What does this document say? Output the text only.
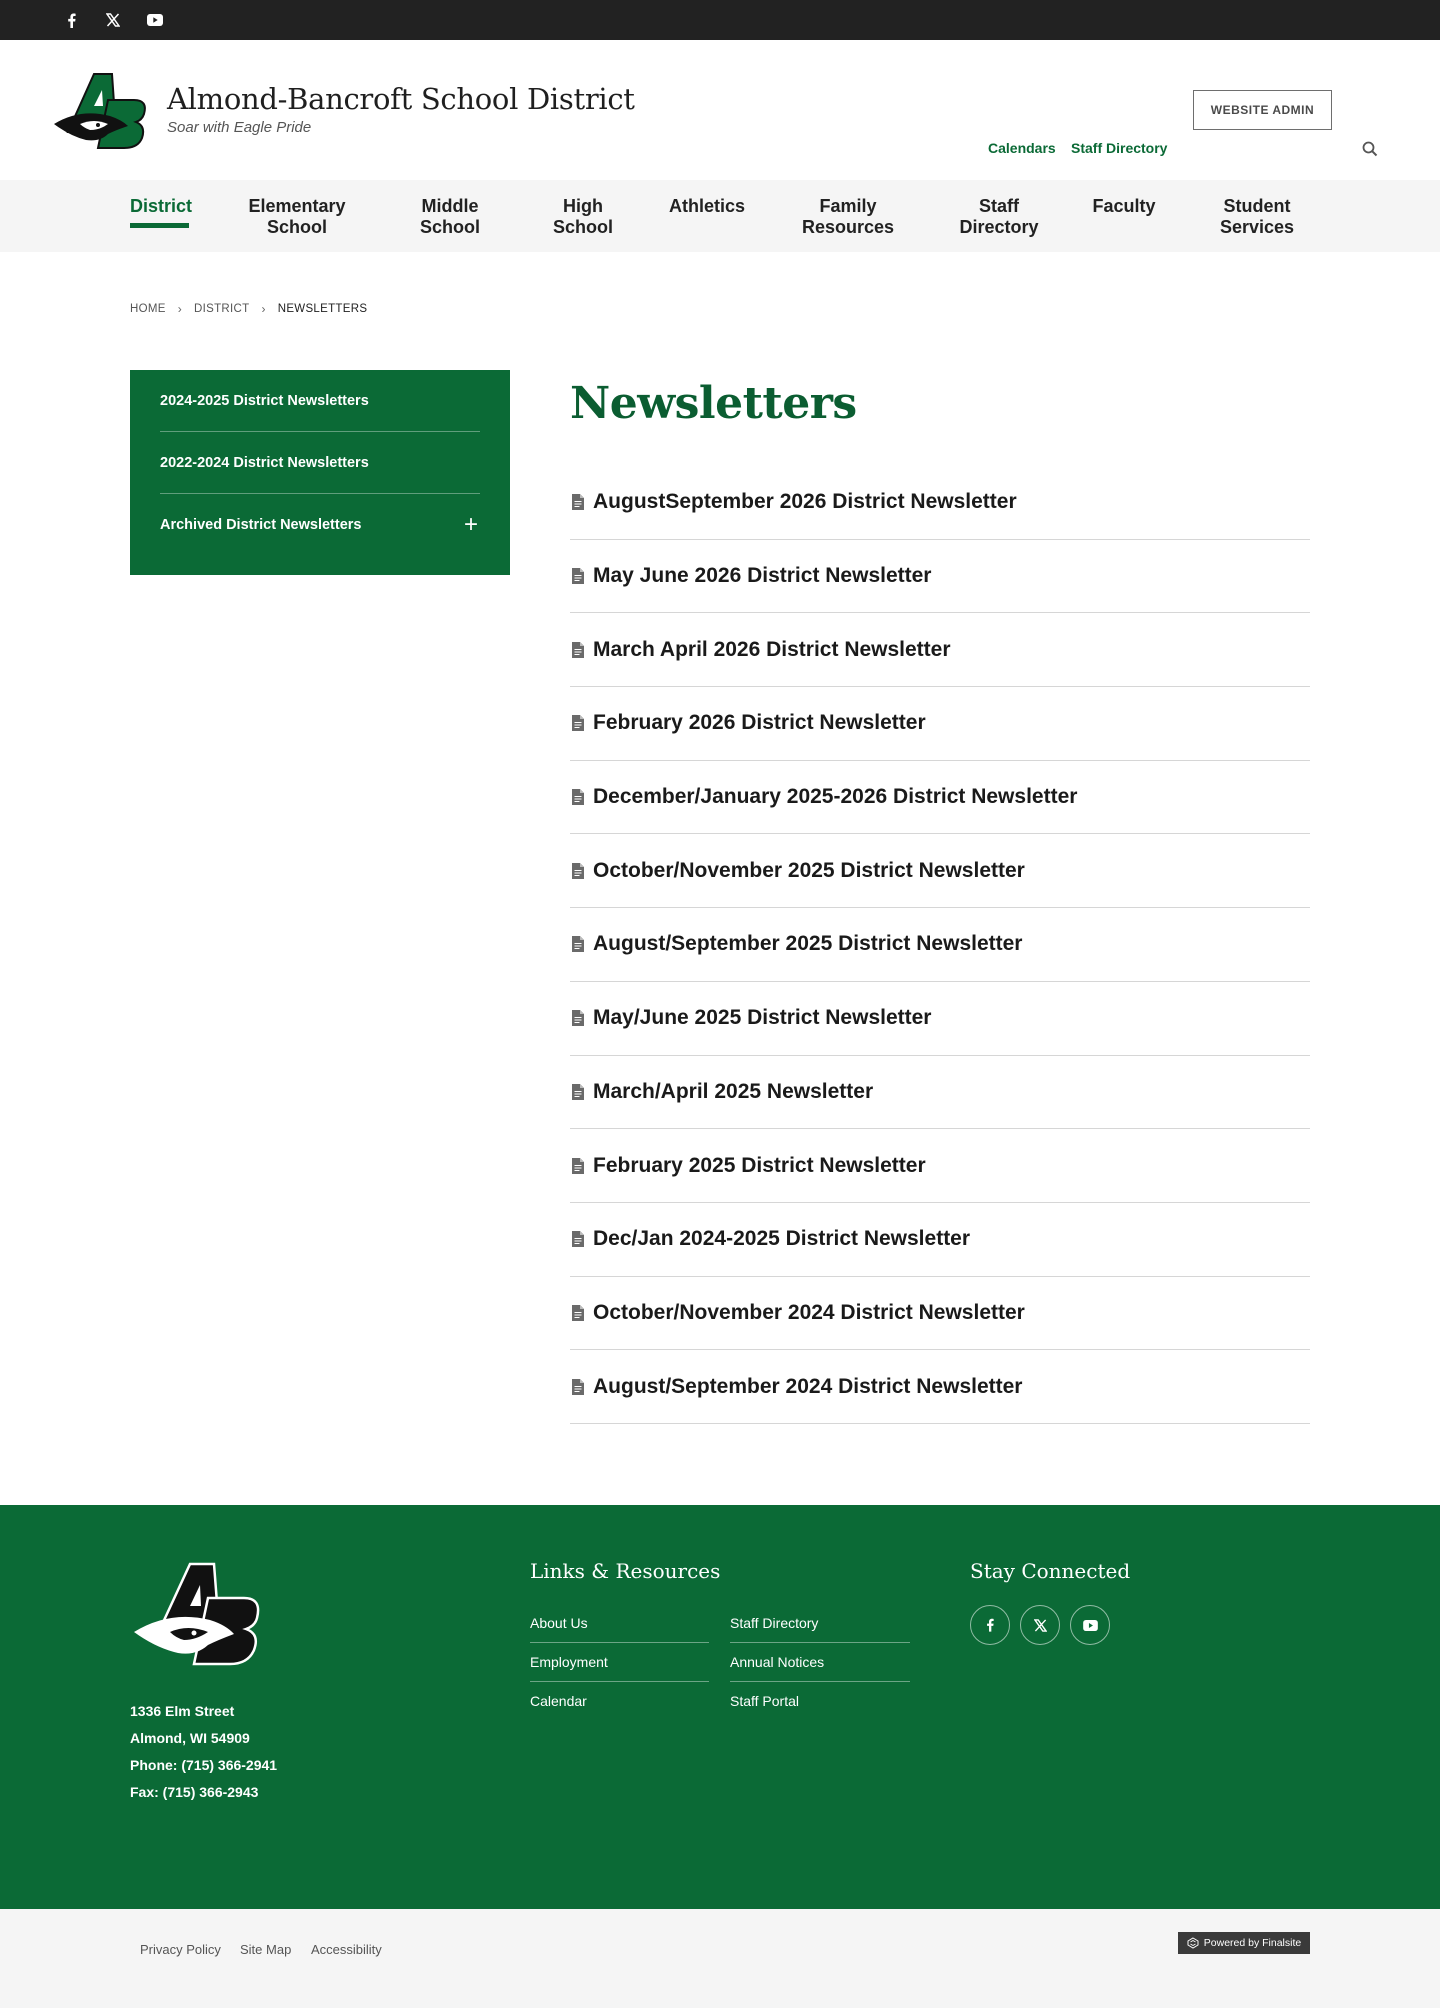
Almond-Bancroft School District
Soar with Eagle Pride
Calendars Staff Directory
WEBSITE ADMIN
District	Elementary School
Middle School
High School
Athletics	Family Resources
Staff Directory
Faculty	Student Services
HOME › DISTRICT › NEWSLETTERS
2024-2025 District Newsletters
2022-2024 District Newsletters
Archived District Newsletters	+
Newsletters
AugustSeptember 2026 District Newsletter
May June 2026 District Newsletter
March April 2026 District Newsletter
February 2026 District Newsletter
December/January 2025-2026 District Newsletter
October/November 2025 District Newsletter
August/September 2025 District Newsletter
May/June 2025 District Newsletter
March/April 2025 Newsletter
February 2025 District Newsletter
Dec/Jan 2024-2025 District Newsletter
October/November 2024 District Newsletter
August/September 2024 District Newsletter
1336 Elm Street
Almond, WI 54909
Phone: (715) 366-2941
Fax: (715) 366-2943
Links & Resources
About Us
Employment
Calendar
Staff Directory
Annual Notices
Staff Portal
Stay Connected
Privacy Policy Site Map Accessibility	Powered by Finalsite
